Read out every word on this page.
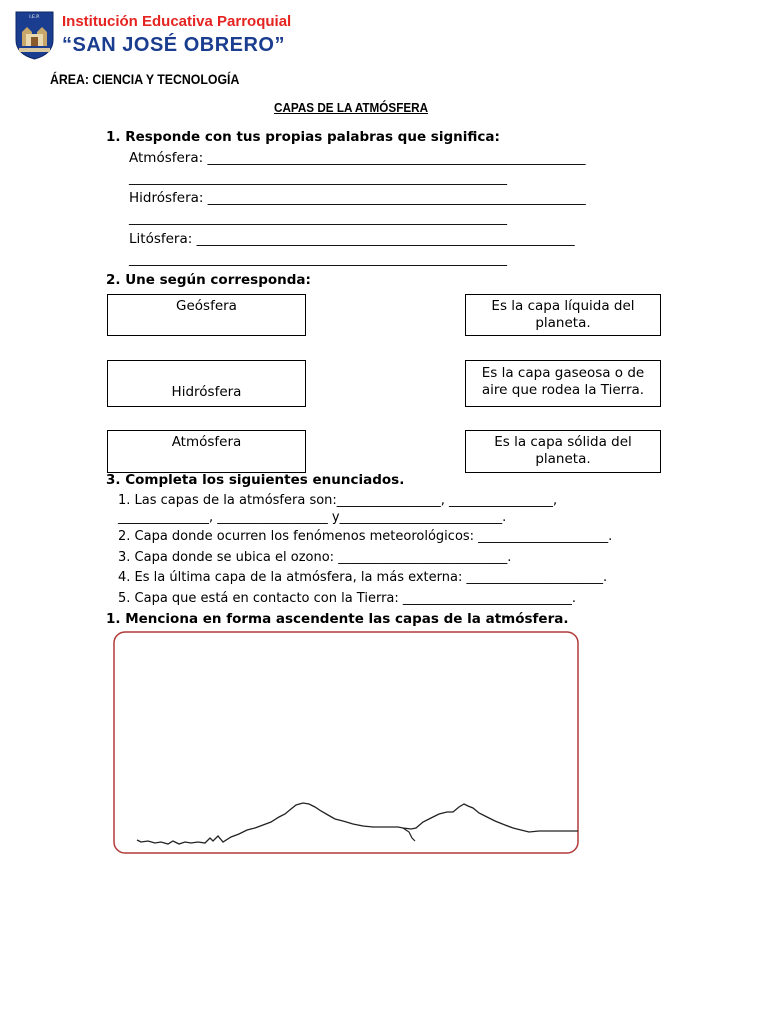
I.E.P. Institución Educativa Parroquial
“SAN JOSÉ OBRERO”
ÁREA: CIENCIA Y TECNOLOGÍA
CAPAS DE LA ATMÓSFERA
1. Responde con tus propias palabras que significa:
Atmósfera: ________________________________________________________
________________________________________________________
Hidrósfera: ________________________________________________________
________________________________________________________
Litósfera: ________________________________________________________
________________________________________________________
2. Une según corresponda:
Geósfera
Hidrósfera
Atmósfera
Es la capa líquida del
planeta.
Es la capa gaseosa o de
aire que rodea la Tierra.
Es la capa sólida del
planeta.
3. Completa los siguientes enunciados.
1. Las capas de la atmósfera son:________________, ________________,
______________, _________________ y_________________________.
2. Capa donde ocurren los fenómenos meteorológicos: ____________________.
3. Capa donde se ubica el ozono: __________________________.
4. Es la última capa de la atmósfera, la más externa: _____________________.
5. Capa que está en contacto con la Tierra: __________________________.
1. Menciona en forma ascendente las capas de la atmósfera.
